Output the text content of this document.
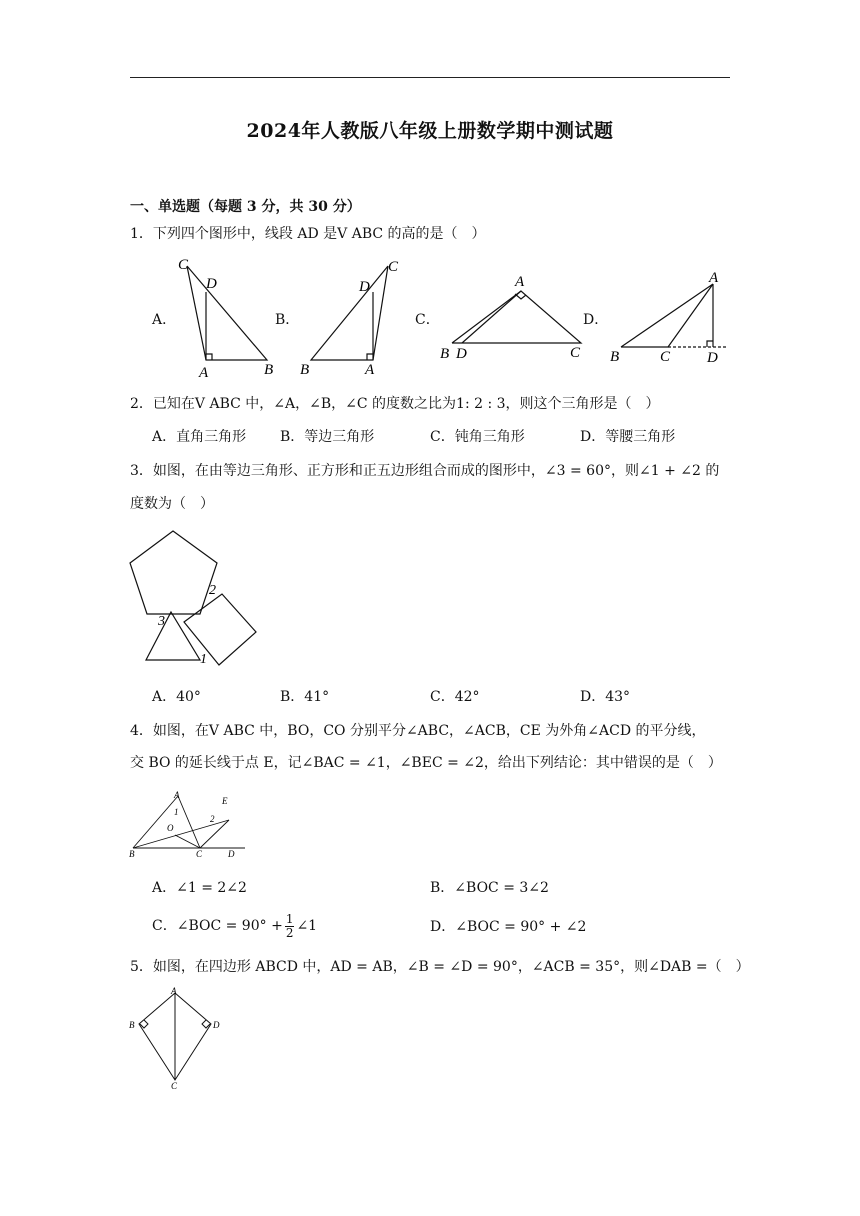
2024年人教版八年级上册数学期中测试题
一、单选题（每题 3 分，共 30 分）
1．下列四个图形中，线段 AD 是V ABC 的高的是（　）
A．	B．	C．	D．
C
D
A	B
C
D
B	A
A
B D	C
A
B	C D
2．已知在V ABC 中，∠A，∠B，∠C 的度数之比为1: 2 : 3，则这个三角形是（　）
A．直角三角形 B．等边三角形	C．钝角三角形	D．等腰三角形
3．如图，在由等边三角形、正方形和正五边形组合而成的图形中，∠3 = 60°，则∠1 + ∠2 的
度数为（　）
2
3
1
A．40°	B．41°	C．42°	D．43°
4．如图，在V ABC 中，BO，CO 分别平分∠ABC，∠ACB，CE 为外角∠ACD 的平分线，
交 BO 的延长线于点 E，记∠BAC = ∠1，∠BEC = ∠2，给出下列结论：其中错误的是（　）
A
B	C	D
E
O
1
2
A．∠1 = 2∠2	B．∠BOC = 3∠2
C．∠BOC = $90^\circ + \frac{1}{2}$ ∠1	D．∠BOC = 90° + ∠2
5．如图，在四边形 ABCD 中，AD = AB，∠B = ∠D = 90°，∠ACB = 35°，则∠DAB =（　）
A
B
C
D
